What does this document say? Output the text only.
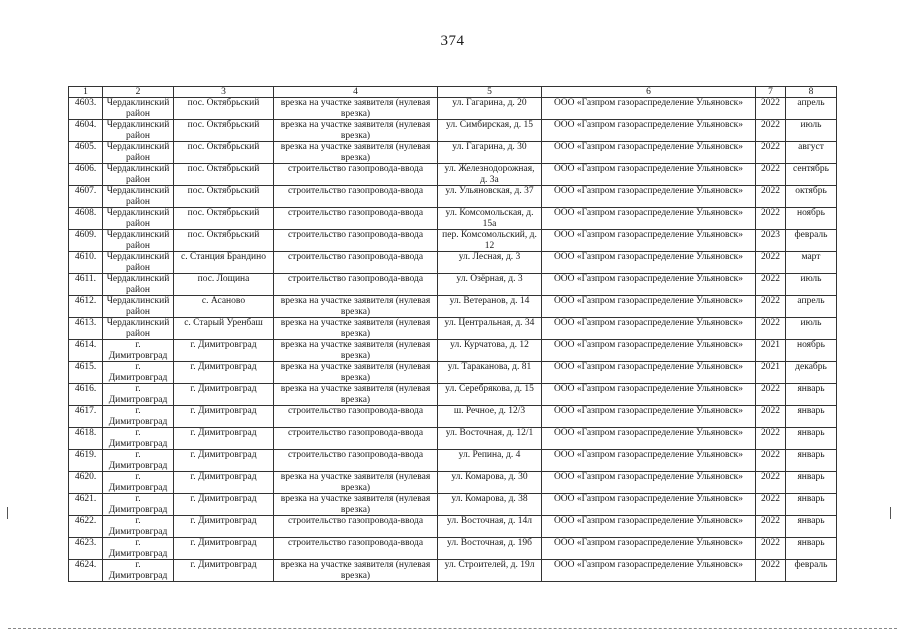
374
1	2	3	4	5	6	7	8
4603.	Чердаклинский район	пос. Октябрьский	врезка на участке заявителя (нулевая врезка)	ул. Гагарина, д. 20	ООО «Газпром газораспределение Ульяновск»	2022	апрель
4604.	Чердаклинский район	пос. Октябрьский	врезка на участке заявителя (нулевая врезка)	ул. Симбирская, д. 15	ООО «Газпром газораспределение Ульяновск»	2022	июль
4605.	Чердаклинский район	пос. Октябрьский	врезка на участке заявителя (нулевая врезка)	ул. Гагарина, д. 30	ООО «Газпром газораспределение Ульяновск»	2022	август
4606.	Чердаклинский район	пос. Октябрьский	строительство газопровода-ввода	ул. Железнодорожная, д. 3а	ООО «Газпром газораспределение Ульяновск»	2022	сентябрь
4607.	Чердаклинский район	пос. Октябрьский	строительство газопровода-ввода	ул. Ульяновская, д. 37	ООО «Газпром газораспределение Ульяновск»	2022	октябрь
4608.	Чердаклинский район	пос. Октябрьский	строительство газопровода-ввода	ул. Комсомольская, д. 15а	ООО «Газпром газораспределение Ульяновск»	2022	ноябрь
4609.	Чердаклинский район	пос. Октябрьский	строительство газопровода-ввода	пер. Комсомольский, д. 12	ООО «Газпром газораспределение Ульяновск»	2023	февраль
4610.	Чердаклинский район	с. Станция Брандино	строительство газопровода-ввода	ул. Лесная, д. 3	ООО «Газпром газораспределение Ульяновск»	2022	март
4611.	Чердаклинский район	пос. Лощина	строительство газопровода-ввода	ул. Озёрная, д. 3	ООО «Газпром газораспределение Ульяновск»	2022	июль
4612.	Чердаклинский район	с. Асаново	врезка на участке заявителя (нулевая врезка)	ул. Ветеранов, д. 14	ООО «Газпром газораспределение Ульяновск»	2022	апрель
4613.	Чердаклинский район	с. Старый Уренбаш	врезка на участке заявителя (нулевая врезка)	ул. Центральная, д. 34	ООО «Газпром газораспределение Ульяновск»	2022	июль
4614.	г. Димитровград	г. Димитровград	врезка на участке заявителя (нулевая врезка)	ул. Курчатова, д. 12	ООО «Газпром газораспределение Ульяновск»	2021	ноябрь
4615.	г. Димитровград	г. Димитровград	врезка на участке заявителя (нулевая врезка)	ул. Тараканова, д. 81	ООО «Газпром газораспределение Ульяновск»	2021	декабрь
4616.	г. Димитровград	г. Димитровград	врезка на участке заявителя (нулевая врезка)	ул. Серебрякова, д. 15	ООО «Газпром газораспределение Ульяновск»	2022	январь
4617.	г. Димитровград	г. Димитровград	строительство газопровода-ввода	ш. Речное, д. 12/3	ООО «Газпром газораспределение Ульяновск»	2022	январь
4618.	г. Димитровград	г. Димитровград	строительство газопровода-ввода	ул. Восточная, д. 12/1	ООО «Газпром газораспределение Ульяновск»	2022	январь
4619.	г. Димитровград	г. Димитровград	строительство газопровода-ввода	ул. Репина, д. 4	ООО «Газпром газораспределение Ульяновск»	2022	январь
4620.	г. Димитровград	г. Димитровград	врезка на участке заявителя (нулевая врезка)	ул. Комарова, д. 30	ООО «Газпром газораспределение Ульяновск»	2022	январь
4621.	г. Димитровград	г. Димитровград	врезка на участке заявителя (нулевая врезка)	ул. Комарова, д. 38	ООО «Газпром газораспределение Ульяновск»	2022	январь
4622.	г. Димитровград	г. Димитровград	строительство газопровода-ввода	ул. Восточная, д. 14л	ООО «Газпром газораспределение Ульяновск»	2022	январь
4623.	г. Димитровград	г. Димитровград	строительство газопровода-ввода	ул. Восточная, д. 19б	ООО «Газпром газораспределение Ульяновск»	2022	январь
4624.	г. Димитровград	г. Димитровград	врезка на участке заявителя (нулевая врезка)	ул. Строителей, д. 19л	ООО «Газпром газораспределение Ульяновск»	2022	февраль
